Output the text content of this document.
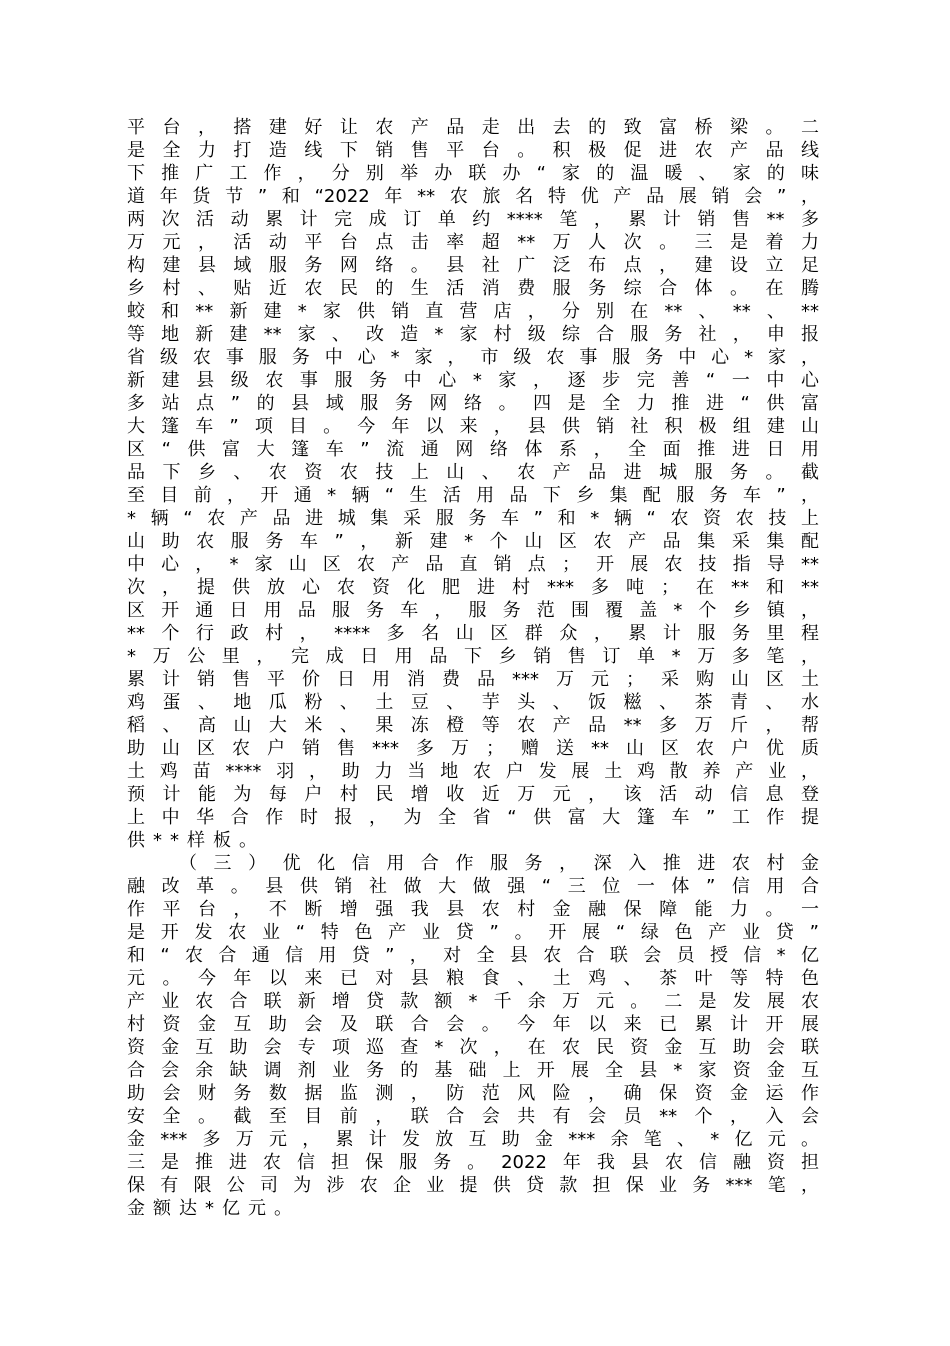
平台，搭建好让农产品走出去的致富桥梁。二
是全力打造线下销售平台。积极促进农产品线
下推广工作，分别举办联办“家的温暖、家的味
道年货节”和“2022年**农旅名特优产品展销会”，
两次活动累计完成订单约****笔，累计销售**多
万元，活动平台点击率超**万人次。三是着力
构建县域服务网络。县社广泛布点，建设立足
乡村、贴近农民的生活消费服务综合体。在腾
蛟和**新建*家供销直营店，分别在**、**、**
等地新建**家、改造*家村级综合服务社，申报
省级农事服务中心*家，市级农事服务中心*家，
新建县级农事服务中心*家，逐步完善“一中心
多站点”的县域服务网络。四是全力推进“供富
大篷车”项目。今年以来，县供销社积极组建山
区“供富大篷车”流通网络体系，全面推进日用
品下乡、农资农技上山、农产品进城服务。截
至目前，开通*辆“生活用品下乡集配服务车”，
*辆“农产品进城集采服务车”和*辆“农资农技上
山助农服务车”，新建*个山区农产品集采集配
中心，*家山区农产品直销点；开展农技指导**
次，提供放心农资化肥进村***多吨；在**和**
区开通日用品服务车，服务范围覆盖*个乡镇，
**个行政村，****多名山区群众，累计服务里程
*万公里，完成日用品下乡销售订单*万多笔，
累计销售平价日用消费品***万元；采购山区土
鸡蛋、地瓜粉、土豆、芋头、饭糍、茶青、水
稻、高山大米、果冻橙等农产品**多万斤，帮
助山区农户销售***多万；赠送**山区农户优质
土鸡苗****羽，助力当地农户发展土鸡散养产业，
预计能为每户村民增收近万元，该活动信息登
上中华合作时报，为全省“供富大篷车”工作提
供**样板。
（三）优化信用合作服务，深入推进农村金
融改革。县供销社做大做强“三位一体”信用合
作平台，不断增强我县农村金融保障能力。一
是开发农业“特色产业贷”。开展“绿色产业贷”
和“农合通信用贷”，对全县农合联会员授信*亿
元。今年以来已对县粮食、土鸡、茶叶等特色
产业农合联新增贷款额*千余万元。二是发展农
村资金互助会及联合会。今年以来已累计开展
资金互助会专项巡查*次，在农民资金互助会联
合会余缺调剂业务的基础上开展全县*家资金互
助会财务数据监测，防范风险，确保资金运作
安全。截至目前，联合会共有会员**个，入会
金***多万元，累计发放互助金***余笔、*亿元。
三是推进农信担保服务。2022年我县农信融资担
保有限公司为涉农企业提供贷款担保业务***笔，
金额达*亿元。
